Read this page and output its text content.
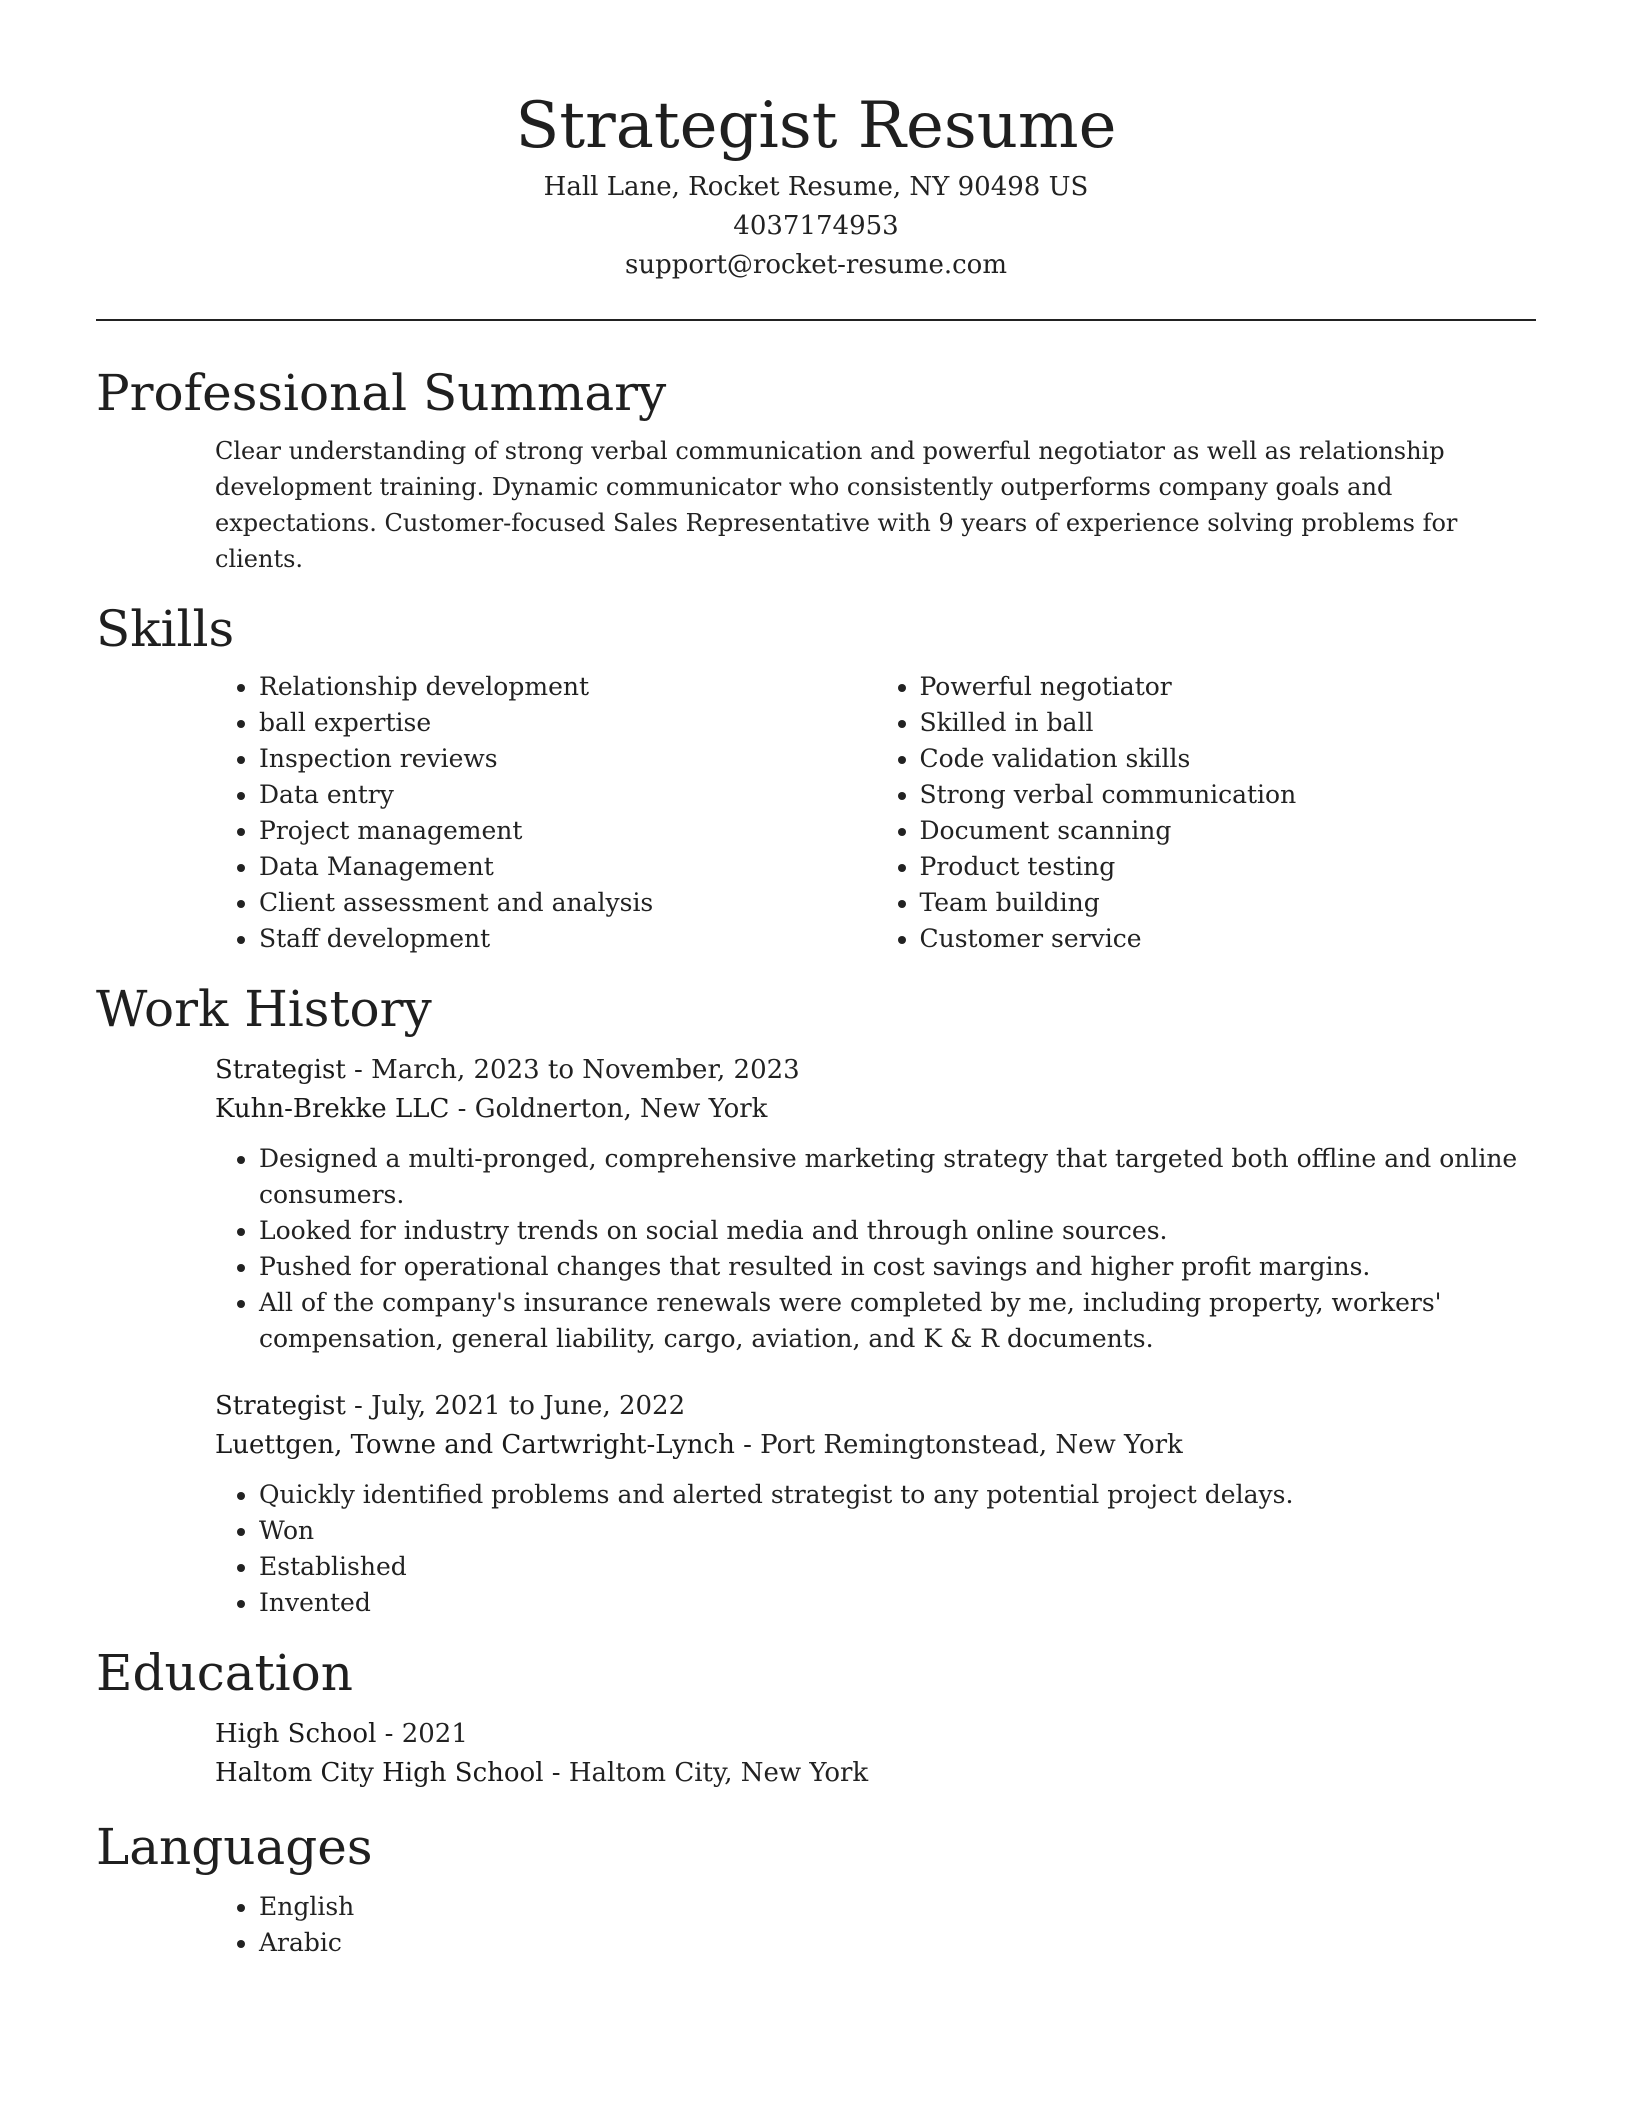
Strategist Resume
Hall Lane, Rocket Resume, NY 90498 US
4037174953
support@rocket-resume.com
Professional Summary

Clear understanding of strong verbal communication and powerful negotiator as well as relationship development training. Dynamic communicator who consistently outperforms company goals and expectations. Customer-focused Sales Representative with 9 years of experience solving problems for clients.

Skills
• Relationship development
• ball expertise
• Inspection reviews
• Data entry
• Project management
• Data Management
• Client assessment and analysis
• Staff development
• Powerful negotiator
• Skilled in ball
• Code validation skills
• Strong verbal communication
• Document scanning
• Product testing
• Team building
• Customer service
Work History
Strategist - March, 2023 to November, 2023
Kuhn-Brekke LLC - Goldnerton, New York
• Designed a multi-pronged, comprehensive marketing strategy that targeted both offline and online consumers.
• Looked for industry trends on social media and through online sources.
• Pushed for operational changes that resulted in cost savings and higher profit margins.
• All of the company's insurance renewals were completed by me, including property, workers' compensation, general liability, cargo, aviation, and K & R documents.
Strategist - July, 2021 to June, 2022
Luettgen, Towne and Cartwright-Lynch - Port Remingtonstead, New York
• Quickly identified problems and alerted strategist to any potential project delays.
• Won
• Established
• Invented
Education
High School - 2021
Haltom City High School - Haltom City, New York
Languages
• English
• Arabic
